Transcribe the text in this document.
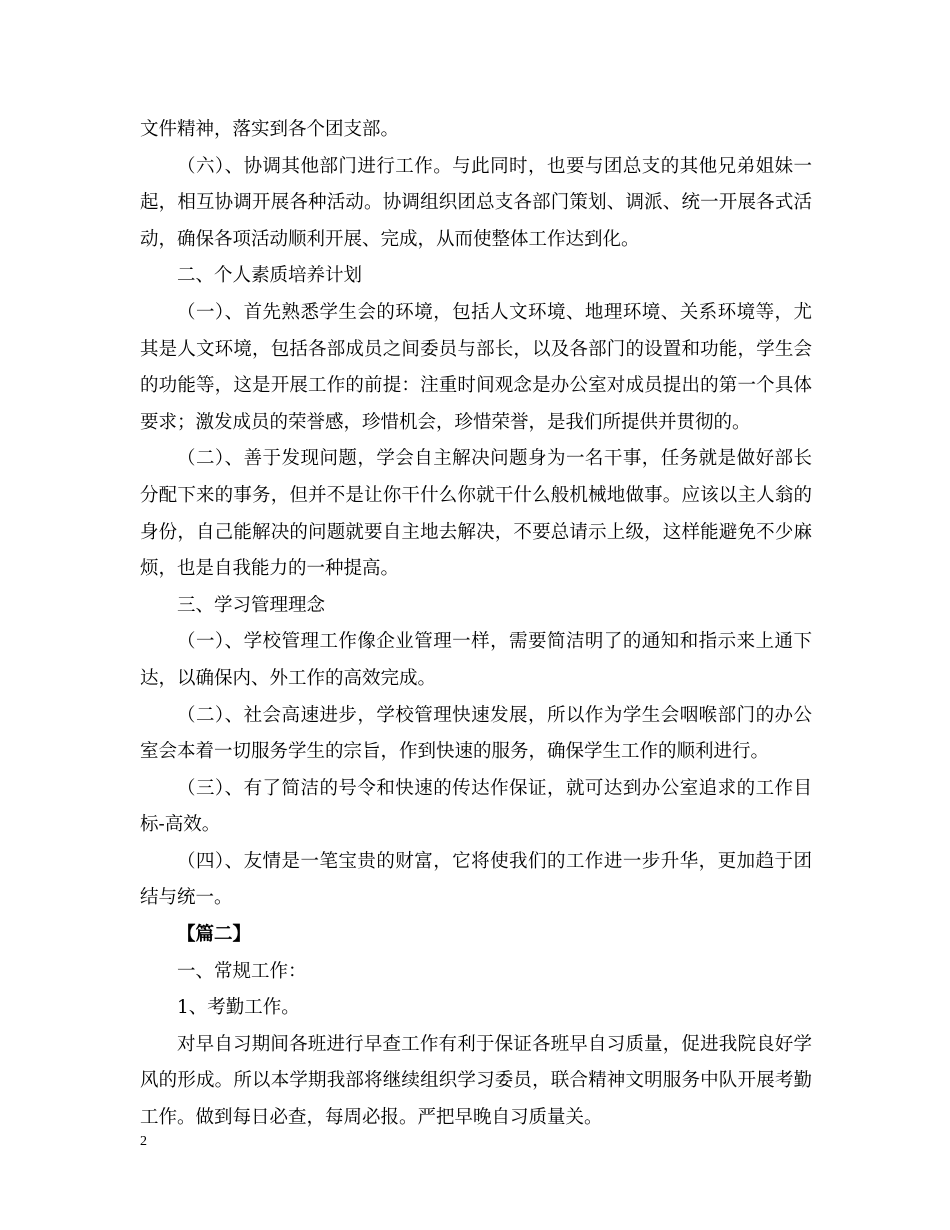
文件精神，落实到各个团支部。

（六）、协调其他部门进行工作。与此同时，也要与团总支的其他兄弟姐妹一起，相互协调开展各种活动。协调组织团总支各部门策划、调派、统一开展各式活动，确保各项活动顺利开展、完成，从而使整体工作达到化。

二、个人素质培养计划

（一）、首先熟悉学生会的环境，包括人文环境、地理环境、关系环境等，尤其是人文环境，包括各部成员之间委员与部长，以及各部门的设置和功能，学生会的功能等，这是开展工作的前提：注重时间观念是办公室对成员提出的第一个具体要求；激发成员的荣誉感，珍惜机会，珍惜荣誉，是我们所提供并贯彻的。

（二）、善于发现问题，学会自主解决问题身为一名干事，任务就是做好部长分配下来的事务，但并不是让你干什么你就干什么般机械地做事。应该以主人翁的身份，自己能解决的问题就要自主地去解决，不要总请示上级，这样能避免不少麻烦，也是自我能力的一种提高。

三、学习管理理念

（一）、学校管理工作像企业管理一样，需要简洁明了的通知和指示来上通下达，以确保内、外工作的高效完成。

（二）、社会高速进步，学校管理快速发展，所以作为学生会咽喉部门的办公室会本着一切服务学生的宗旨，作到快速的服务，确保学生工作的顺利进行。

（三）、有了简洁的号令和快速的传达作保证，就可达到办公室追求的工作目标-高效。

（四）、友情是一笔宝贵的财富，它将使我们的工作进一步升华，更加趋于团结与统一。

【篇二】

一、常规工作：

1、考勤工作。

对早自习期间各班进行早查工作有利于保证各班早自习质量，促进我院良好学风的形成。所以本学期我部将继续组织学习委员，联合精神文明服务中队开展考勤工作。做到每日必查，每周必报。严把早晚自习质量关。

2
